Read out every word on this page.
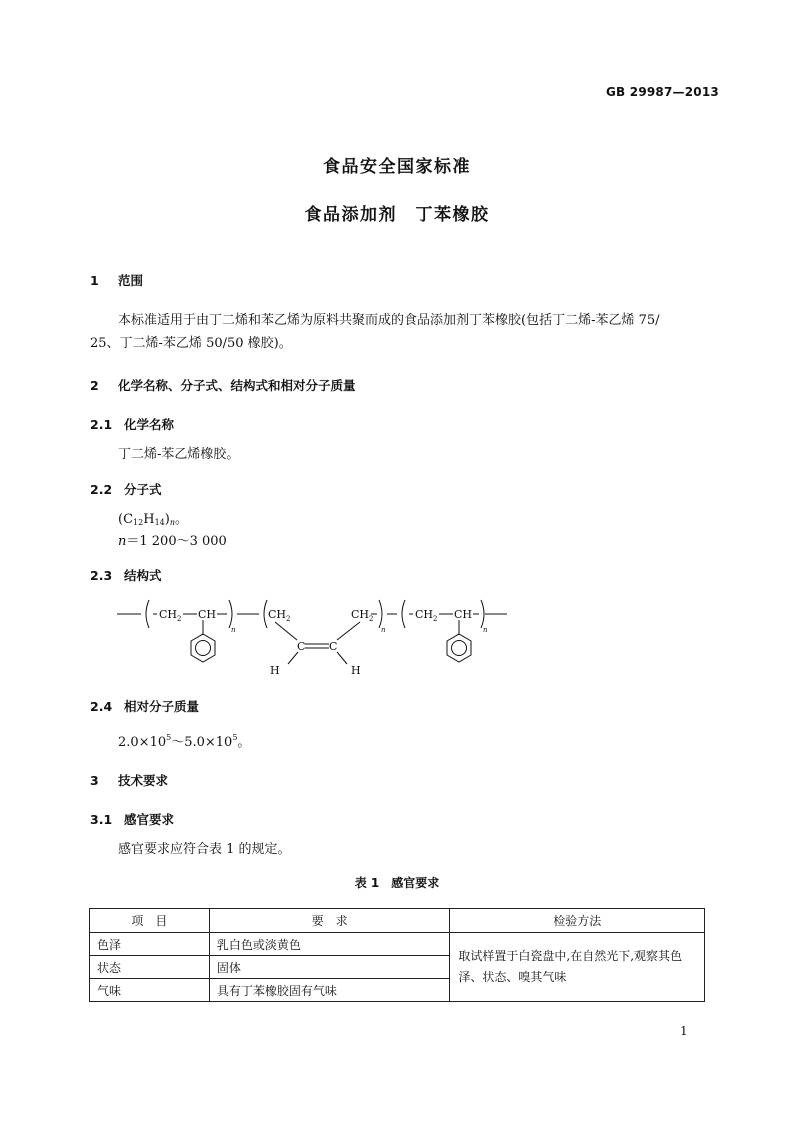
GB 29987—2013
食品安全国家标准
食品添加剂　丁苯橡胶
1 范围
本标准适用于由丁二烯和苯乙烯为原料共聚而成的食品添加剂丁苯橡胶(包括丁二烯-苯乙烯 75/
25、丁二烯-苯乙烯 50/50 橡胶)。
2 化学名称、分子式、结构式和相对分子质量
2.1 化学名称
丁二烯-苯乙烯橡胶。
2.2 分子式
$(C_{12}H_{14})_n$。
n＝1 200～3 000
2.3 结构式
$CH_2$ CH
n
$CH_2$	$CH_2$
n
C C
H	H
$CH_2$ CH
n
2.4 相对分子质量
$2.0\times 10^5\sim 5.0\times 10^5$。
3 技术要求
3.1 感官要求
感官要求应符合表 1 的规定。
表 1　感官要求
项　目	要　求	检验方法
色泽	乳白色或淡黄色	取试样置于白瓷盘中,在自然光下,观察其色
泽、状态、嗅其气味
状态	固体	
气味	具有丁苯橡胶固有气味	
1
